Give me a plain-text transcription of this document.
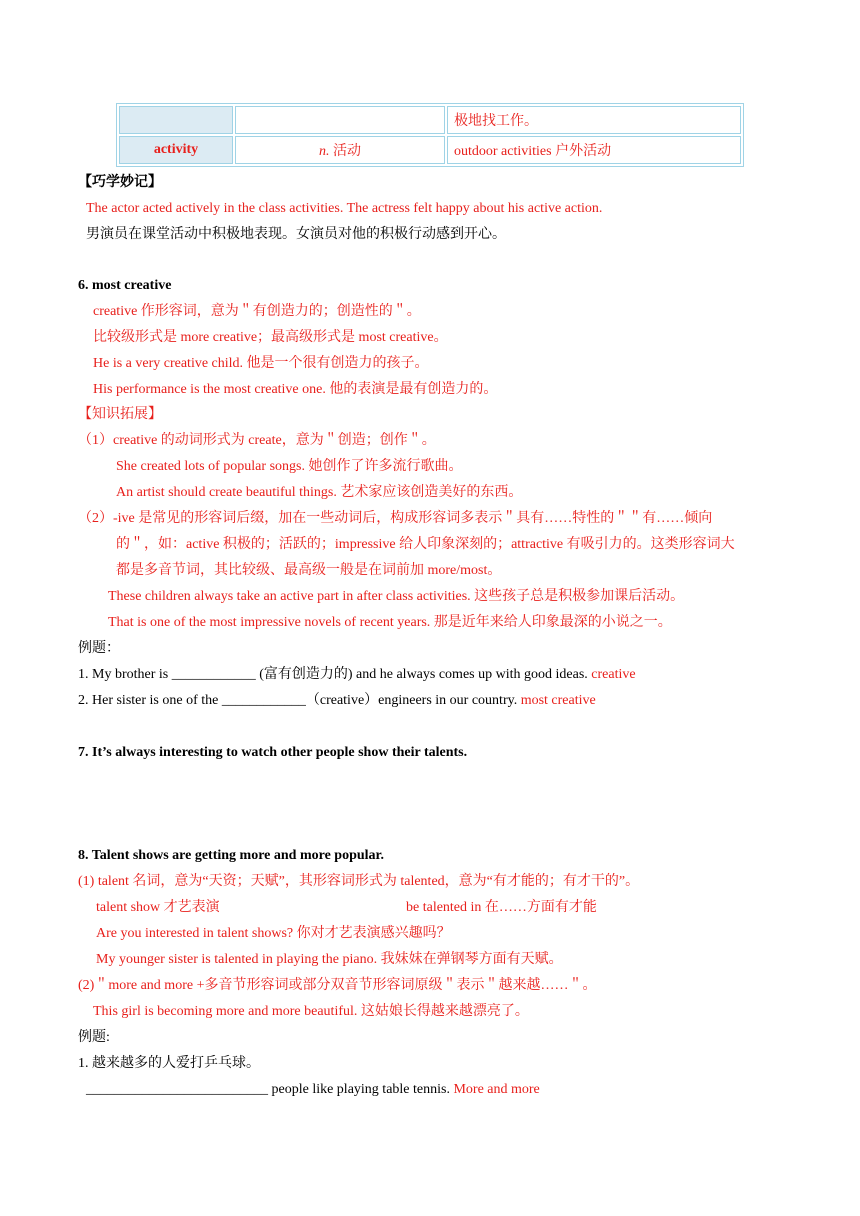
		极地找工作。
activity	n. 活动	outdoor activities 户外活动
【巧学妙记】
The actor acted actively in the class activities. The actress felt happy about his active action.
男演员在课堂活动中积极地表现。女演员对他的积极行动感到开心。
6. most creative
creative 作形容词，意为＂有创造力的；创造性的＂。
比较级形式是 more creative；最高级形式是 most creative。
He is a very creative child. 他是一个很有创造力的孩子。
His performance is the most creative one. 他的表演是最有创造力的。
【知识拓展】
（1）creative 的动词形式为 create，意为＂创造；创作＂。
She created lots of popular songs. 她创作了许多流行歌曲。
An artist should create beautiful things. 艺术家应该创造美好的东西。
（2）-ive 是常见的形容词后缀，加在一些动词后，构成形容词多表示＂具有……特性的＂＂有……倾向
的＂，如：active 积极的；活跃的；impressive 给人印象深刻的；attractive 有吸引力的。这类形容词大
都是多音节词，其比较级、最高级一般是在词前加 more/most。
These children always take an active part in after class activities. 这些孩子总是积极参加课后活动。
That is one of the most impressive novels of recent years. 那是近年来给人印象最深的小说之一。
例题：
1. My brother is ____________ (富有创造力的) and he always comes up with good ideas. creative
2. Her sister is one of the ____________（creative）engineers in our country. most creative
7. It’s always interesting to watch other people show their talents.
8. Talent shows are getting more and more popular.
(1) talent 名词，意为“天资；天赋”，其形容词形式为 talented，意为“有才能的；有才干的”。
talent show 才艺表演	be talented in 在……方面有才能
Are you interested in talent shows? 你对才艺表演感兴趣吗？
My younger sister is talented in playing the piano. 我妹妹在弹钢琴方面有天赋。
(2)＂more and more +多音节形容词或部分双音节形容词原级＂表示＂越来越……＂。
This girl is becoming more and more beautiful. 这姑娘长得越来越漂亮了。
例题:
1. 越来越多的人爱打乒乓球。
__________________________ people like playing table tennis. More and more
